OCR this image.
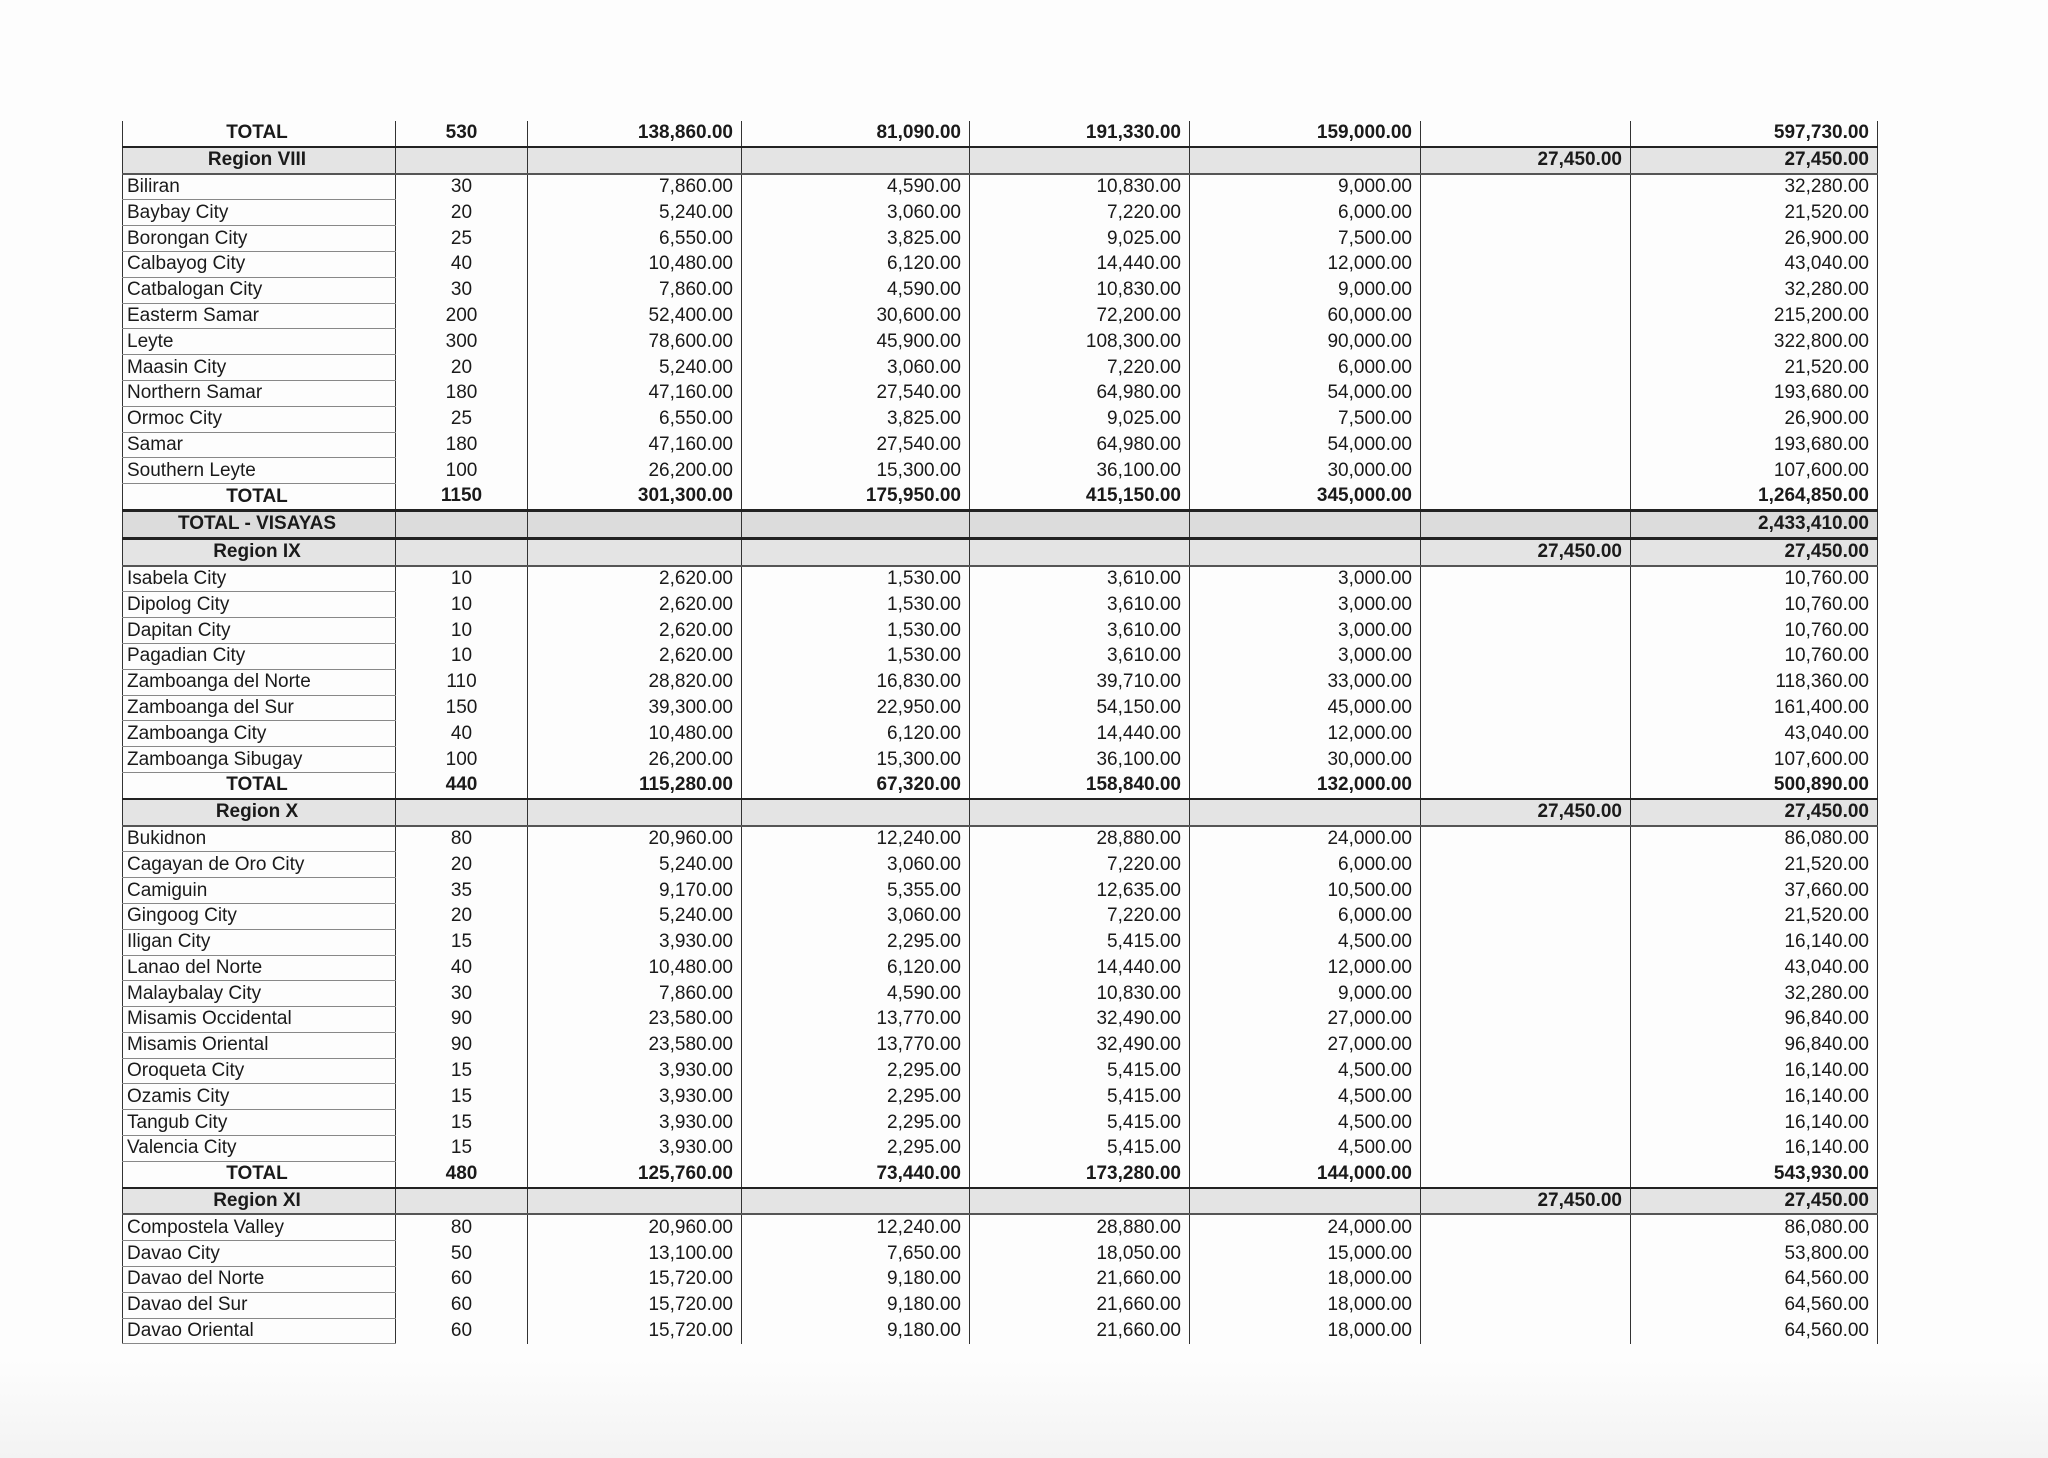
TOTAL	530	138,860.00	81,090.00	191,330.00	159,000.00		597,730.00
Region VIII						27,450.00	27,450.00
Biliran	30	7,860.00	4,590.00	10,830.00	9,000.00		32,280.00
Baybay City	20	5,240.00	3,060.00	7,220.00	6,000.00		21,520.00
Borongan City	25	6,550.00	3,825.00	9,025.00	7,500.00		26,900.00
Calbayog City	40	10,480.00	6,120.00	14,440.00	12,000.00		43,040.00
Catbalogan City	30	7,860.00	4,590.00	10,830.00	9,000.00		32,280.00
Easterm Samar	200	52,400.00	30,600.00	72,200.00	60,000.00		215,200.00
Leyte	300	78,600.00	45,900.00	108,300.00	90,000.00		322,800.00
Maasin City	20	5,240.00	3,060.00	7,220.00	6,000.00		21,520.00
Northern Samar	180	47,160.00	27,540.00	64,980.00	54,000.00		193,680.00
Ormoc City	25	6,550.00	3,825.00	9,025.00	7,500.00		26,900.00
Samar	180	47,160.00	27,540.00	64,980.00	54,000.00		193,680.00
Southern Leyte	100	26,200.00	15,300.00	36,100.00	30,000.00		107,600.00
TOTAL	1150	301,300.00	175,950.00	415,150.00	345,000.00		1,264,850.00
TOTAL - VISAYAS							2,433,410.00
Region IX						27,450.00	27,450.00
Isabela City	10	2,620.00	1,530.00	3,610.00	3,000.00		10,760.00
Dipolog City	10	2,620.00	1,530.00	3,610.00	3,000.00		10,760.00
Dapitan City	10	2,620.00	1,530.00	3,610.00	3,000.00		10,760.00
Pagadian City	10	2,620.00	1,530.00	3,610.00	3,000.00		10,760.00
Zamboanga del Norte	110	28,820.00	16,830.00	39,710.00	33,000.00		118,360.00
Zamboanga del Sur	150	39,300.00	22,950.00	54,150.00	45,000.00		161,400.00
Zamboanga City	40	10,480.00	6,120.00	14,440.00	12,000.00		43,040.00
Zamboanga Sibugay	100	26,200.00	15,300.00	36,100.00	30,000.00		107,600.00
TOTAL	440	115,280.00	67,320.00	158,840.00	132,000.00		500,890.00
Region X						27,450.00	27,450.00
Bukidnon	80	20,960.00	12,240.00	28,880.00	24,000.00		86,080.00
Cagayan de Oro City	20	5,240.00	3,060.00	7,220.00	6,000.00		21,520.00
Camiguin	35	9,170.00	5,355.00	12,635.00	10,500.00		37,660.00
Gingoog City	20	5,240.00	3,060.00	7,220.00	6,000.00		21,520.00
Iligan City	15	3,930.00	2,295.00	5,415.00	4,500.00		16,140.00
Lanao del Norte	40	10,480.00	6,120.00	14,440.00	12,000.00		43,040.00
Malaybalay City	30	7,860.00	4,590.00	10,830.00	9,000.00		32,280.00
Misamis Occidental	90	23,580.00	13,770.00	32,490.00	27,000.00		96,840.00
Misamis Oriental	90	23,580.00	13,770.00	32,490.00	27,000.00		96,840.00
Oroqueta City	15	3,930.00	2,295.00	5,415.00	4,500.00		16,140.00
Ozamis City	15	3,930.00	2,295.00	5,415.00	4,500.00		16,140.00
Tangub City	15	3,930.00	2,295.00	5,415.00	4,500.00		16,140.00
Valencia City	15	3,930.00	2,295.00	5,415.00	4,500.00		16,140.00
TOTAL	480	125,760.00	73,440.00	173,280.00	144,000.00		543,930.00
Region XI						27,450.00	27,450.00
Compostela Valley	80	20,960.00	12,240.00	28,880.00	24,000.00		86,080.00
Davao City	50	13,100.00	7,650.00	18,050.00	15,000.00		53,800.00
Davao del Norte	60	15,720.00	9,180.00	21,660.00	18,000.00		64,560.00
Davao del Sur	60	15,720.00	9,180.00	21,660.00	18,000.00		64,560.00
Davao Oriental	60	15,720.00	9,180.00	21,660.00	18,000.00		64,560.00
